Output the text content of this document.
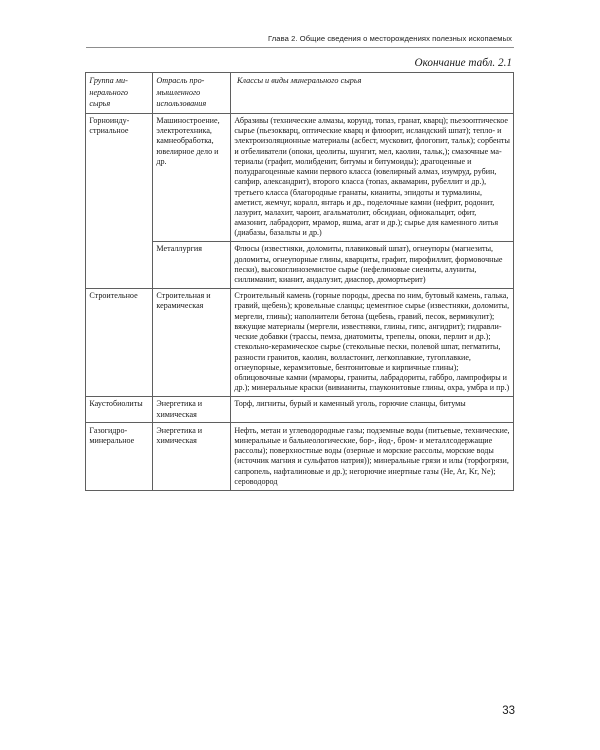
Глава 2. Общие сведения о месторождениях полезных ископаемых
Окончание табл. 2.1
Группа минерального сырья	Отрасль промышленного использования	Классы и виды минерального сырья
Горноиндустриальное	Машиностроение, электротехника, камнеобработка, ювелирное дело и др.	Абразивы (технические алмазы, корунд, топаз, гранат, кварц); пьезооптическое сырье (пьезокварц, оптические кварц и флюорит, исландский шпат); тепло- и электроизоляционные материалы (асбест, мусковит, флогопит, тальк); сорбенты и отбеливатели (опоки, цеолиты, шунгит, мел, каолин, тальк,); смазочные материалы (графит, молибденит, битумы и битумоиды); драгоценные и полудрагоценные камни первого класса (ювелирный алмаз, изумруд, рубин, сапфир, александрит), второго класса (топаз, аквамарин, рубеллит и др.), третьего класса (благородные гранаты, кианиты, эпидоты и турмалины, аметист, жемчуг, коралл, янтарь и др., поделочные камни (нефрит, родонит, лазурит, малахит, чароит, агальматолит, обсидиан, офиокальцит, офит, амазонит, лабрадорит, мрамор, яшма, агат и др.); сырье для каменного литья (диабазы, базальты и др.)
	Металлургия	Флюсы (известняки, доломиты, плавиковый шпат), огнеупоры (магнезиты, доломиты, огнеупорные глины, кварциты, графит, пирофиллит, формовочные пески), высокоглиноземистое сырье (нефелиновые сиениты, алуниты, силлиманит, кианит, андалузит, диаспор, дюмортьерит)
Строительное	Строительная и керамическая	Строительный камень (горные породы, дресва по ним, бутовый камень, галька, гравий, щебень); кровельные сланцы; цементное сырье (известняки, доломиты, мергели, глины); наполнители бетона (щебень, гравий, песок, вермикулит); вяжущие материалы (мергели, известняки, глины, гипс, ангидрит); гидравлические добавки (трассы, пемза, диатомиты, трепелы, опоки, перлит и др.); стекольно-керамическое сырье (стекольные пески, полевой шпат, пегматиты, разности гранитов, каолин, волластонит, легкоплавкие, тугоплавкие, огнеупорные, керамзитовые, бентонитовые и кирпичные глины); облицовочные камни (мраморы, граниты, лабрадориты, габбро, лампрофиры и др.); минеральные краски (вивианиты, глауконитовые глины, охра, умбра и пр.)
Каустобиолиты	Энергетика и химическая	Торф, лигниты, бурый и каменный уголь, горючие сланцы, битумы
Газогидроминеральное	Энергетика и химическая	Нефть, метан и углеводородные газы; подземные воды (питьевые, технические, минеральные и бальнеологические, бор-, йод-, бром- и металлсодержащие рассолы); поверхностные воды (озерные и морские рассолы, морские воды (источник магния и сульфатов натрия)); минеральные грязи и илы (торфогрязи, сапропель, нафталиновые и др.); негорючие инертные газы (He, Ar, Kr, Ne); сероводород
33
